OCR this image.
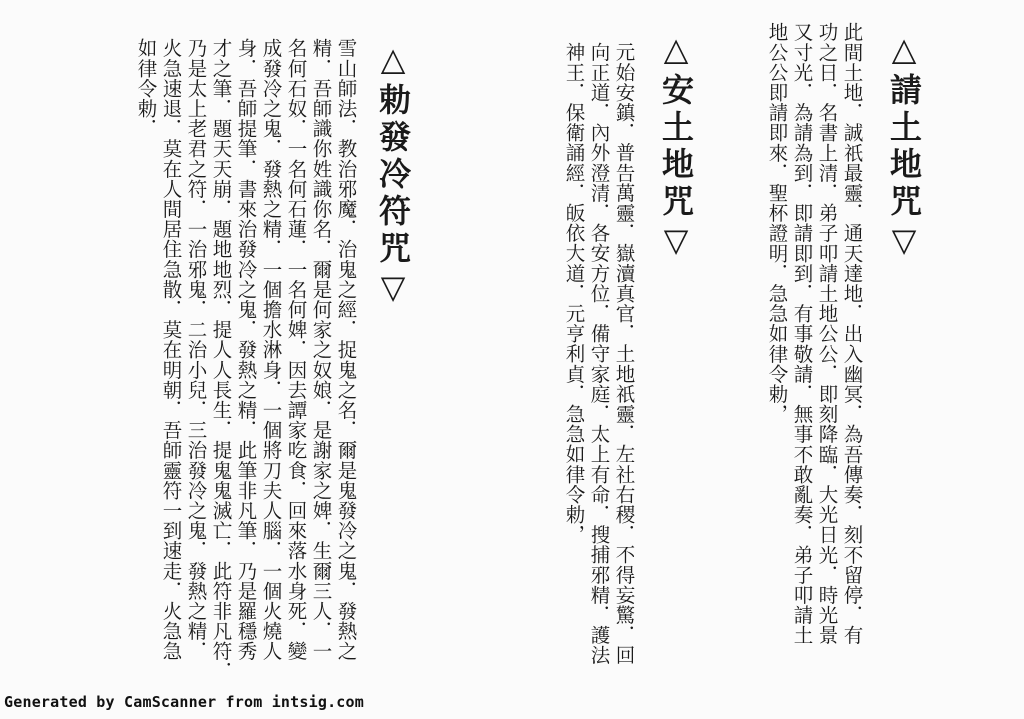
△請土地咒▽
此間土地．誠祇最靈．通天達地．出入幽冥．為吾傳奏．刻不留停．有
功之日．名書上清．弟子叩請土地公公．即刻降臨．大光日光．時光景
又寸光．為請為到．即請即到．有事敬請．無事不敢亂奏．弟子叩請土
地公公即請即來．聖杯證明．急急如律令勅，
△安土地咒▽
元始安鎮．普告萬靈．嶽瀆真官．土地祇靈．左社右稷．不得妄驚．回
向正道．內外澄清．各安方位．備守家庭．太上有命．搜捕邪精．護法
神王．保衛誦經．皈依大道．元亨利貞．急急如律令勅，
△勅發冷符咒▽
雪山師法．教治邪魔．治鬼之經．捉鬼之名．爾是鬼發冷之鬼．發熱之
精．吾師識你姓識你名．爾是何家之奴娘．是謝家之婢．生爾三人．一
名何石奴．一名何石蓮．一名何婢．因去譚家吃食．回來落水身死．變
成發冷之鬼．發熱之精．一個擔水淋身．一個將刀夫人腦．一個火燒人
身．吾師提筆．書來治發冷之鬼．發熱之精．此筆非凡筆．乃是羅穩秀
才之筆．題天天崩．題地地烈．提人人長生．提鬼鬼滅亡．此符非凡符．
乃是太上老君之符．一治邪鬼．二治小兒．三治發冷之鬼．發熱之精．
火急速退．莫在人間居住急散．莫在明朝．吾師靈符一到速走．火急急
如律令勅．
Generated by CamScanner from intsig.com
